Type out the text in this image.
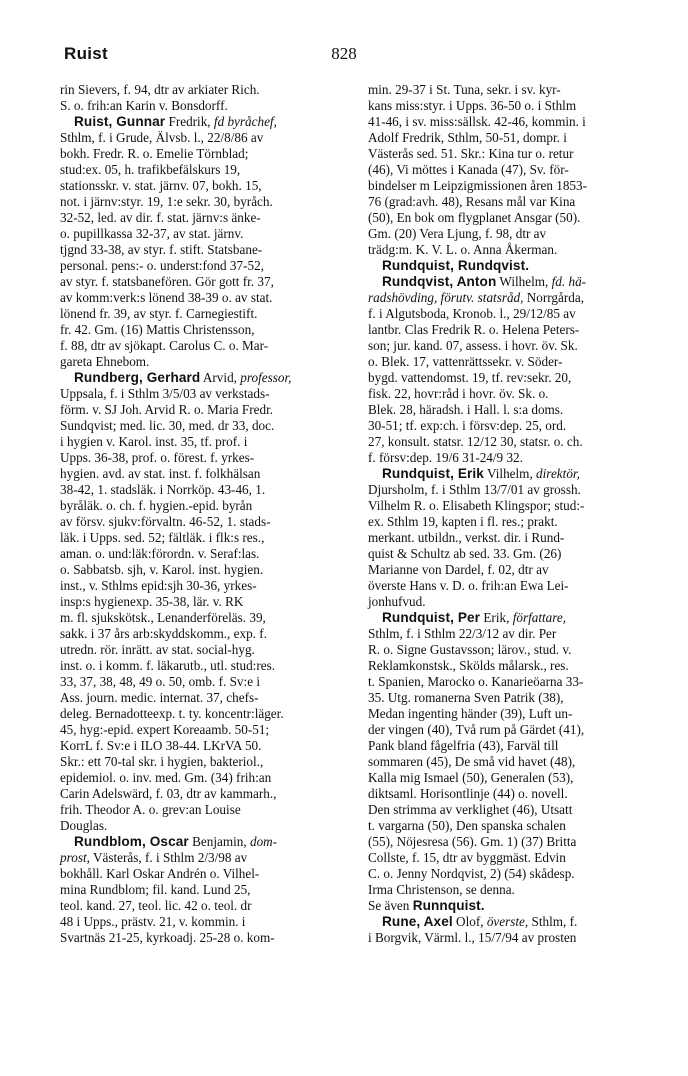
Ruist	828
rin Sievers, f. 94, dtr av arkiater Rich.
S. o. frih:an Karin v. Bonsdorff.
Ruist, Gunnar Fredrik, fd byråchef,
Sthlm, f. i Grude, Älvsb. l., 22/8/86 av
bokh. Fredr. R. o. Emelie Törnblad;
stud:ex. 05, h. trafikbefälskurs 19,
stationsskr. v. stat. järnv. 07, bokh. 15,
not. i järnv:styr. 19, 1:e sekr. 30, byråch.
32-52, led. av dir. f. stat. järnv:s änke-
o. pupillkassa 32-37, av stat. järnv.
tjgnd 33-38, av styr. f. stift. Statsbane-
personal. pens:- o. underst:fond 37-52,
av styr. f. statsbanefören. Gör gott fr. 37,
av komm:verk:s lönend 38-39 o. av stat.
lönend fr. 39, av styr. f. Carnegiestift.
fr. 42. Gm. (16) Mattis Christensson,
f. 88, dtr av sjökapt. Carolus C. o. Mar-
gareta Ehnebom.
Rundberg, Gerhard Arvid, professor,
Uppsala, f. i Sthlm 3/5/03 av verkstads-
förm. v. SJ Joh. Arvid R. o. Maria Fredr.
Sundqvist; med. lic. 30, med. dr 33, doc.
i hygien v. Karol. inst. 35, tf. prof. i
Upps. 36-38, prof. o. förest. f. yrkes-
hygien. avd. av stat. inst. f. folkhälsan
38-42, 1. stadsläk. i Norrköp. 43-46, 1.
byråläk. o. ch. f. hygien.-epid. byrån
av försv. sjukv:förvaltn. 46-52, 1. stads-
läk. i Upps. sed. 52; fältläk. i flk:s res.,
aman. o. und:läk:förordn. v. Seraf:las.
o. Sabbatsb. sjh, v. Karol. inst. hygien.
inst., v. Sthlms epid:sjh 30-36, yrkes-
insp:s hygienexp. 35-38, lär. v. RK
m. fl. sjukskötsk., Lenanderföreläs. 39,
sakk. i 37 års arb:skyddskomm., exp. f.
utredn. rör. inrätt. av stat. social-hyg.
inst. o. i komm. f. läkarutb., utl. stud:res.
33, 37, 38, 48, 49 o. 50, omb. f. Sv:e i
Ass. journ. medic. internat. 37, chefs-
deleg. Bernadotteexp. t. ty. koncentr:läger.
45, hyg:-epid. expert Koreaamb. 50-51;
KorrL f. Sv:e i ILO 38-44. LKrVA 50.
Skr.: ett 70-tal skr. i hygien, bakteriol.,
epidemiol. o. inv. med. Gm. (34) frih:an
Carin Adelswärd, f. 03, dtr av kammarh.,
frih. Theodor A. o. grev:an Louise
Douglas.
Rundblom, Oscar Benjamin, dom-
prost, Västerås, f. i Sthlm 2/3/98 av
bokhåll. Karl Oskar Andrén o. Vilhel-
mina Rundblom; fil. kand. Lund 25,
teol. kand. 27, teol. lic. 42 o. teol. dr
48 i Upps., prästv. 21, v. kommin. i
Svartnäs 21-25, kyrkoadj. 25-28 o. kom-
min. 29-37 i St. Tuna, sekr. i sv. kyr-
kans miss:styr. i Upps. 36-50 o. i Sthlm
41-46, i sv. miss:sällsk. 42-46, kommin. i
Adolf Fredrik, Sthlm, 50-51, dompr. i
Västerås sed. 51. Skr.: Kina tur o. retur
(46), Vi möttes i Kanada (47), Sv. för-
bindelser m Leipzigmissionen åren 1853-
76 (grad:avh. 48), Resans mål var Kina
(50), En bok om flygplanet Ansgar (50).
Gm. (20) Vera Ljung, f. 98, dtr av
trädg:m. K. V. L. o. Anna Åkerman.
Rundquist, Rundqvist.
Rundqvist, Anton Wilhelm, fd. hä-
radshövding, förutv. statsråd, Norrgårda,
f. i Algutsboda, Kronob. l., 29/12/85 av
lantbr. Clas Fredrik R. o. Helena Peters-
son; jur. kand. 07, assess. i hovr. öv. Sk.
o. Blek. 17, vattenrättssekr. v. Söder-
bygd. vattendomst. 19, tf. rev:sekr. 20,
fisk. 22, hovr:råd i hovr. öv. Sk. o.
Blek. 28, häradsh. i Hall. l. s:a doms.
30-51; tf. exp:ch. i försv:dep. 25, ord.
27, konsult. statsr. 12/12 30, statsr. o. ch.
f. försv:dep. 19/6 31-24/9 32.
Rundquist, Erik Vilhelm, direktör,
Djursholm, f. i Sthlm 13/7/01 av grossh.
Vilhelm R. o. Elisabeth Klingspor; stud:-
ex. Sthlm 19, kapten i fl. res.; prakt.
merkant. utbildn., verkst. dir. i Rund-
quist & Schultz ab sed. 33. Gm. (26)
Marianne von Dardel, f. 02, dtr av
överste Hans v. D. o. frih:an Ewa Lei-
jonhufvud.
Rundquist, Per Erik, författare,
Sthlm, f. i Sthlm 22/3/12 av dir. Per
R. o. Signe Gustavsson; lärov., stud. v.
Reklamkonstsk., Skölds målarsk., res.
t. Spanien, Marocko o. Kanarieöarna 33-
35. Utg. romanerna Sven Patrik (38),
Medan ingenting händer (39), Luft un-
der vingen (40), Två rum på Gärdet (41),
Pank bland fågelfria (43), Farväl till
sommaren (45), De små vid havet (48),
Kalla mig Ismael (50), Generalen (53),
diktsaml. Horisontlinje (44) o. novell.
Den strimma av verklighet (46), Utsatt
t. vargarna (50), Den spanska schalen
(55), Nöjesresa (56). Gm. 1) (37) Britta
Collste, f. 15, dtr av byggmäst. Edvin
C. o. Jenny Nordqvist, 2) (54) skådesp.
Irma Christenson, se denna.
Se även Runnquist.
Rune, Axel Olof, överste, Sthlm, f.
i Borgvik, Värml. l., 15/7/94 av prosten
